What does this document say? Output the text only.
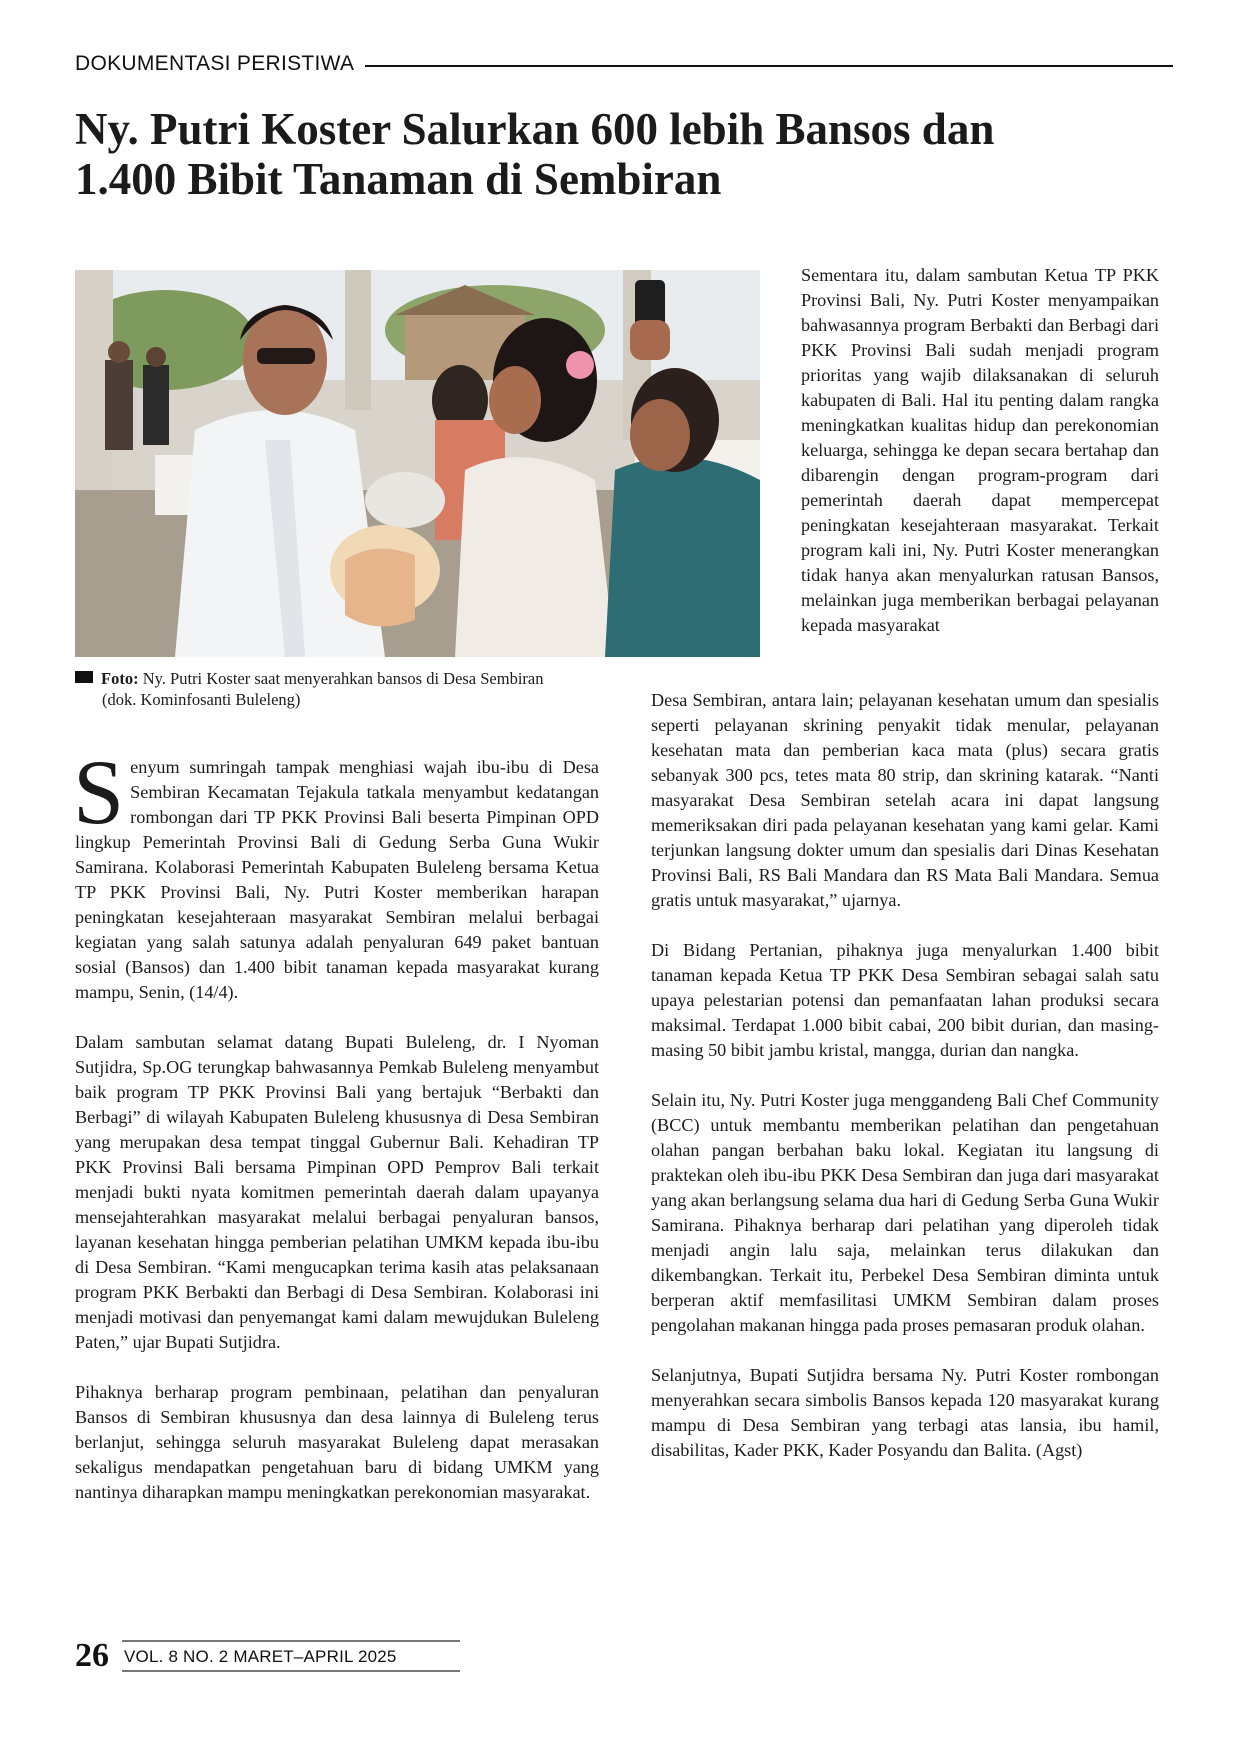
DOKUMENTASI PERISTIWA
Ny. Putri Koster Salurkan 600 lebih Bansos dan
1.400 Bibit Tanaman di Sembiran
Foto: Ny. Putri Koster saat menyerahkan bansos di Desa Sembiran
(dok. Kominfosanti Buleleng)

Senyum sumringah tampak menghiasi wajah ibu-ibu di Desa Sembiran Kecamatan Tejakula tatkala menyambut kedatangan rombongan dari TP PKK Provinsi Bali beserta Pimpinan OPD lingkup Pemerintah Provinsi Bali di Gedung Serba Guna Wukir Samirana. Kolaborasi Pemerintah Kabupaten Buleleng bersama Ketua TP PKK Provinsi Bali, Ny. Putri Koster memberikan harapan peningkatan kesejahteraan masyarakat Sembiran melalui berbagai kegiatan yang salah satunya adalah penyaluran 649 paket bantuan sosial (Bansos) dan 1.400 bibit tanaman kepada masyarakat kurang mampu, Senin, (14/4).

Dalam sambutan selamat datang Bupati Buleleng, dr. I Nyoman Sutjidra, Sp.OG terungkap bahwasannya Pemkab Buleleng menyambut baik program TP PKK Provinsi Bali yang bertajuk “Berbakti dan Berbagi” di wilayah Kabupaten Buleleng khususnya di Desa Sembiran yang merupakan desa tempat tinggal Gubernur Bali. Kehadiran TP PKK Provinsi Bali bersama Pimpinan OPD Pemprov Bali terkait menjadi bukti nyata komitmen pemerintah daerah dalam upayanya mensejahterahkan masyarakat melalui berbagai penyaluran bansos, layanan kesehatan hingga pemberian pelatihan UMKM kepada ibu-ibu di Desa Sembiran. “Kami mengucapkan terima kasih atas pelaksanaan program PKK Berbakti dan Berbagi di Desa Sembiran. Kolaborasi ini menjadi motivasi dan penyemangat kami dalam mewujdukan Buleleng Paten,” ujar Bupati Sutjidra.

Pihaknya berharap program pembinaan, pelatihan dan penyaluran Bansos di Sembiran khususnya dan desa lainnya di Buleleng terus berlanjut, sehingga seluruh masyarakat Buleleng dapat merasakan sekaligus mendapatkan pengetahuan baru di bidang UMKM yang nantinya diharapkan mampu meningkatkan perekonomian masyarakat.

Sementara itu, dalam sambutan Ketua TP PKK Provinsi Bali, Ny. Putri Koster menyampaikan bahwasannya program Berbakti dan Berbagi dari PKK Provinsi Bali sudah menjadi program prioritas yang wajib dilaksanakan di seluruh kabupaten di Bali. Hal itu penting dalam rangka meningkatkan kualitas hidup dan perekonomian keluarga, sehingga ke depan secara bertahap dan dibarengin dengan program-program dari pemerintah daerah dapat mempercepat peningkatan kesejahteraan masyarakat. Terkait program kali ini, Ny. Putri Koster menerangkan tidak hanya akan menyalurkan ratusan Bansos, melainkan juga memberikan berbagai pelayanan kepada masyarakat

Desa Sembiran, antara lain; pelayanan kesehatan umum dan spesialis seperti pelayanan skrining penyakit tidak menular, pelayanan kesehatan mata dan pemberian kaca mata (plus) secara gratis sebanyak 300 pcs, tetes mata 80 strip, dan skrining katarak. “Nanti masyarakat Desa Sembiran setelah acara ini dapat langsung memeriksakan diri pada pelayanan kesehatan yang kami gelar. Kami terjunkan langsung dokter umum dan spesialis dari Dinas Kesehatan Provinsi Bali, RS Bali Mandara dan RS Mata Bali Mandara. Semua gratis untuk masyarakat,” ujarnya.

Di Bidang Pertanian, pihaknya juga menyalurkan 1.400 bibit tanaman kepada Ketua TP PKK Desa Sembiran sebagai salah satu upaya pelestarian potensi dan pemanfaatan lahan produksi secara maksimal. Terdapat 1.000 bibit cabai, 200 bibit durian, dan masing-masing 50 bibit jambu kristal, mangga, durian dan nangka.

Selain itu, Ny. Putri Koster juga menggandeng Bali Chef Community (BCC) untuk membantu memberikan pelatihan dan pengetahuan olahan pangan berbahan baku lokal. Kegiatan itu langsung di praktekan oleh ibu-ibu PKK Desa Sembiran dan juga dari masyarakat yang akan berlangsung selama dua hari di Gedung Serba Guna Wukir Samirana. Pihaknya berharap dari pelatihan yang diperoleh tidak menjadi angin lalu saja, melainkan terus dilakukan dan dikembangkan. Terkait itu, Perbekel Desa Sembiran diminta untuk berperan aktif memfasilitasi UMKM Sembiran dalam proses pengolahan makanan hingga pada proses pemasaran produk olahan.

Selanjutnya, Bupati Sutjidra bersama Ny. Putri Koster rombongan menyerahkan secara simbolis Bansos kepada 120 masyarakat kurang mampu di Desa Sembiran yang terbagi atas lansia, ibu hamil, disabilitas, Kader PKK, Kader Posyandu dan Balita. (Agst)

26 VOL. 8 NO. 2 MARET–APRIL 2025
